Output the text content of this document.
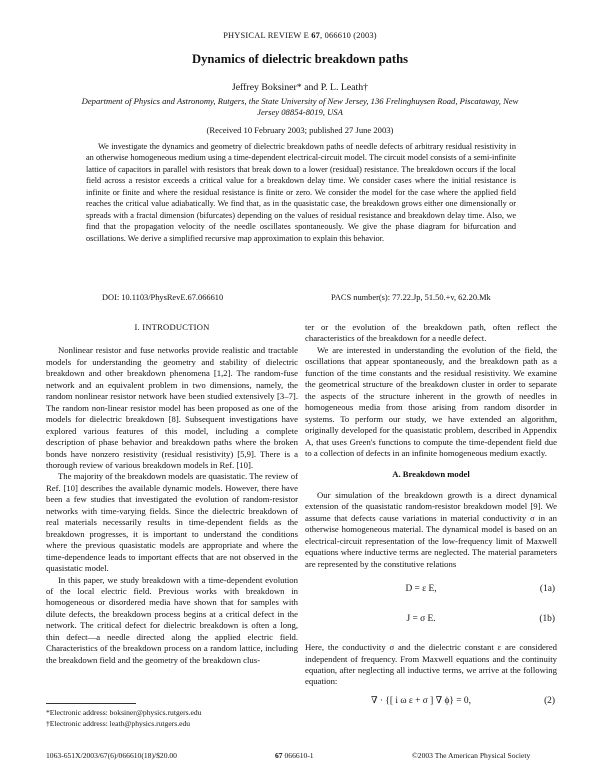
PHYSICAL REVIEW E 67, 066610 (2003)
Dynamics of dielectric breakdown paths
Jeffrey Boksiner* and P. L. Leath†
Department of Physics and Astronomy, Rutgers, the State University of New Jersey, 136 Frelinghuysen Road, Piscataway, New Jersey 08854-8019, USA
(Received 10 February 2003; published 27 June 2003)

We investigate the dynamics and geometry of dielectric breakdown paths of needle defects of arbitrary residual resistivity in an otherwise homogeneous medium using a time-dependent electrical-circuit model. The circuit model consists of a semi-infinite lattice of capacitors in parallel with resistors that break down to a lower (residual) resistance. The breakdown occurs if the local field across a resistor exceeds a critical value for a breakdown delay time. We consider cases where the initial resistance is infinite or finite and where the residual resistance is finite or zero. We consider the model for the case where the applied field reaches the critical value adiabatically. We find that, as in the quasistatic case, the breakdown grows either one dimensionally or spreads with a fractal dimension (bifurcates) depending on the values of residual resistance and breakdown delay time. Also, we find that the propagation velocity of the needle oscillates spontaneously. We give the phase diagram for bifurcation and oscillations. We derive a simplified recursive map approximation to explain this behavior.

DOI: 10.1103/PhysRevE.67.066610	PACS number(s): 77.22.Jp, 51.50.+v, 62.20.Mk
I. INTRODUCTION

Nonlinear resistor and fuse networks provide realistic and tractable models for understanding the geometry and stability of dielectric breakdown and other breakdown phenomena [1,2]. The random-fuse network and an equivalent problem in two dimensions, namely, the random nonlinear resistor network have been studied extensively [3–7]. The random non-linear resistor model has been proposed as one of the models for dielectric breakdown [8]. Subsequent investigations have explored various features of this model, including a complete description of phase behavior and breakdown paths where the broken bonds have nonzero resistivity (residual resistivity) [5,9]. There is a thorough review of various breakdown models in Ref. [10].

The majority of the breakdown models are quasistatic. The review of Ref. [10] describes the available dynamic models. However, there have been a few studies that investigated the evolution of random-resistor networks with time-varying fields. Since the dielectric breakdown of real materials necessarily results in time-dependent fields as the breakdown progresses, it is important to understand the conditions where the previous quasistatic models are appropriate and where the time-dependence leads to important effects that are not observed in the quasistatic model.

In this paper, we study breakdown with a time-dependent evolution of the local electric field. Previous works with breakdown in homogeneous or disordered media have shown that for samples with dilute defects, the breakdown process begins at a critical defect in the network. The critical defect for dielectric breakdown is often a long, thin defect—a needle directed along the applied electric field. Characteristics of the breakdown process on a random lattice, including the breakdown field and the geometry of the breakdown clus-

ter or the evolution of the breakdown path, often reflect the characteristics of the breakdown for a needle defect.

We are interested in understanding the evolution of the field, the oscillations that appear spontaneously, and the breakdown path as a function of the time constants and the residual resistivity. We examine the geometrical structure of the breakdown cluster in order to separate the aspects of the structure inherent in the growth of needles in homogeneous media from those arising from random disorder in systems. To perform our study, we have extended an algorithm, originally developed for the quasistatic problem, described in Appendix A, that uses Green's functions to compute the time-dependent field due to a collection of defects in an infinite homogeneous medium exactly.

A. Breakdown model

Our simulation of the breakdown growth is a direct dynamical extension of the quasistatic random-resistor breakdown model [9]. We assume that defects cause variations in material conductivity σ in an otherwise homogeneous material. The dynamical model is based on an electrical-circuit representation of the low-frequency limit of Maxwell equations where inductive terms are neglected. The material parameters are represented by the constitutive relations

D = ε E,	(1a)
J = σ E.	(1b)

Here, the conductivity σ and the dielectric constant ε are considered independent of frequency. From Maxwell equations and the continuity equation, after neglecting all inductive terms, we arrive at the following equation:

∇ · {[ i ω ε + σ ] ∇ ϕ} = 0,	(2)
*Electronic address: boksiner@physics.rutgers.edu
†Electronic address: leath@physics.rutgers.edu
1063-651X/2003/67(6)/066610(18)/$20.00	67 066610-1	©2003 The American Physical Society
